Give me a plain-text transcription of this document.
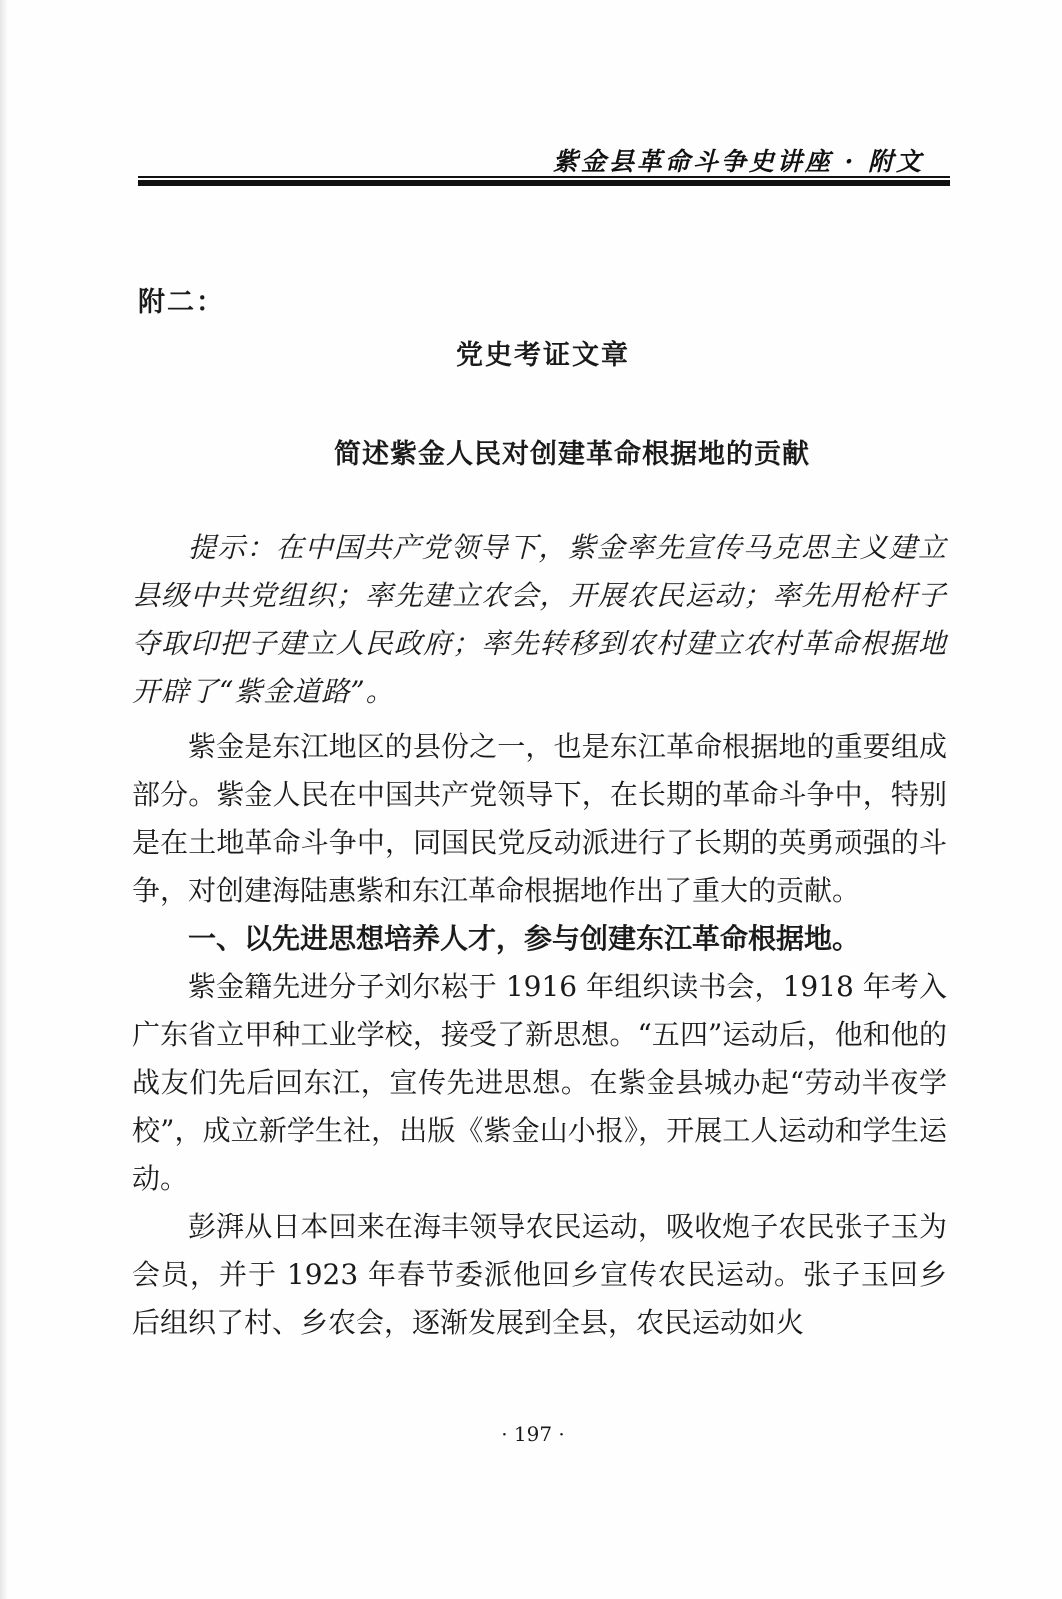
紫金县革命斗争史讲座 · 附文
附二：
党史考证文章
简述紫金人民对创建革命根据地的贡献

提示：在中国共产党领导下，紫金率先宣传马克思主义建立县级中共党组织；率先建立农会，开展农民运动；率先用枪杆子夺取印把子建立人民政府；率先转移到农村建立农村革命根据地开辟了“紫金道路”。

紫金是东江地区的县份之一，也是东江革命根据地的重要组成部分。紫金人民在中国共产党领导下，在长期的革命斗争中，特别是在土地革命斗争中，同国民党反动派进行了长期的英勇顽强的斗争，对创建海陆惠紫和东江革命根据地作出了重大的贡献。

一、以先进思想培养人才，参与创建东江革命根据地。

紫金籍先进分子刘尔崧于 1916 年组织读书会，1918 年考入广东省立甲种工业学校，接受了新思想。“五四”运动后，他和他的战友们先后回东江，宣传先进思想。在紫金县城办起“劳动半夜学校”，成立新学生社，出版《紫金山小报》，开展工人运动和学生运动。

彭湃从日本回来在海丰领导农民运动，吸收炮子农民张子玉为会员，并于 1923 年春节委派他回乡宣传农民运动。张子玉回乡后组织了村、乡农会，逐渐发展到全县，农民运动如火

· 197 ·
